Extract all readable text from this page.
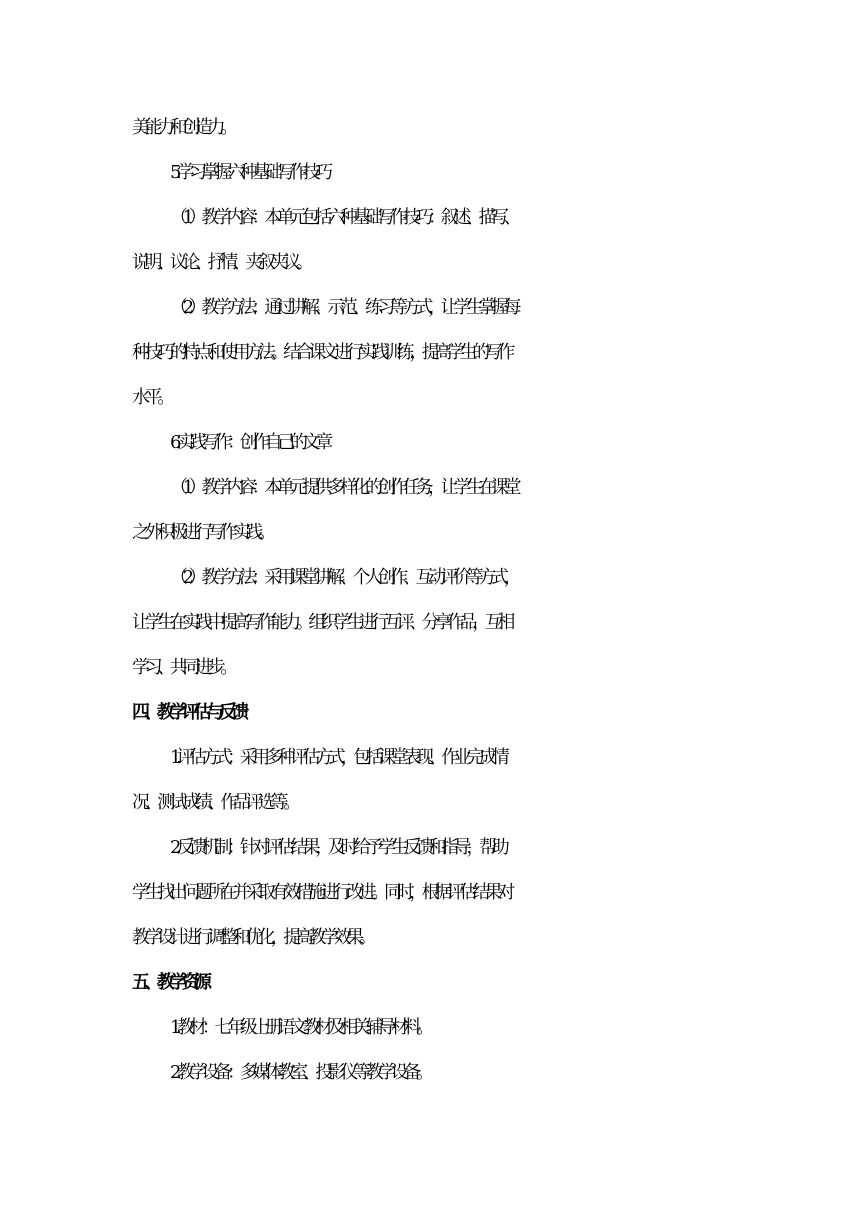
美能力和创造力。
5. 学习掌握六种基础写作技巧
（1）教学内容：本单元包括六种基础写作技巧：叙述、描写、
说明、议论、抒情、夹叙夹议。
（2）教学方法：通过讲解、示范、练习等方式，让学生掌握每
种技巧的特点和使用方法。结合课文进行实践训练，提高学生的写作
水平。
6. 实践写作：创作自己的文章
（1）教学内容：本单元提供多样化的创作任务，让学生在课堂
之外积极进行写作实践。
（2）教学方法：采用课堂讲解、个人创作、互动评价等方式，
让学生在实践中提高写作能力。组织学生进行互评、分享作品，互相
学习、共同进步。
四、教学评估与反馈
1. 评估方式：采用多种评估方式，包括课堂表现、作业完成情
况、测试成绩、作品评选等。
2. 反馈机制：针对评估结果，及时给予学生反馈和指导，帮助
学生找出问题所在并采取有效措施进行改进。同时，根据评估结果对
教学设计进行调整和优化，提高教学效果。
五、教学资源
1. 教材：七年级上册语文教材及相关辅导材料。
2. 教学设备：多媒体教室、投影仪等教学设备。
